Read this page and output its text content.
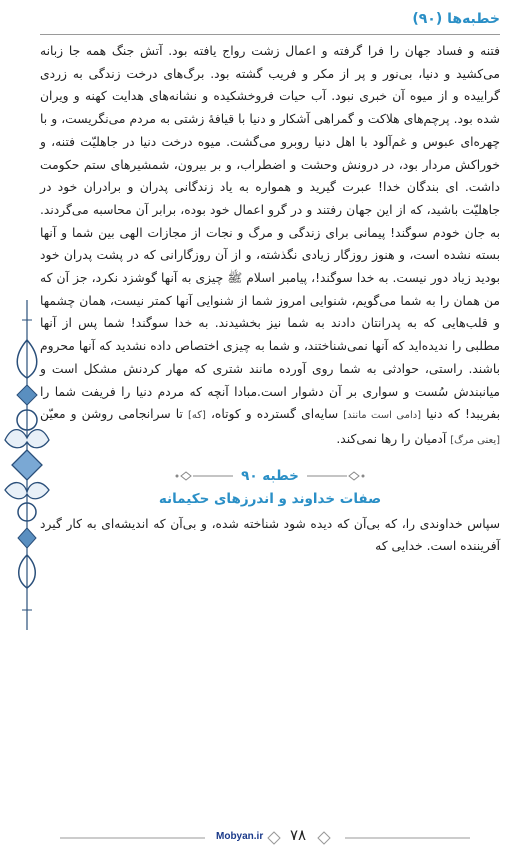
خطبه‌ها (۹۰)

فتنه و فساد جهان را فرا گرفته و اعمال زشت رواج یافته بود. آتش جنگ همه جا زبانه می‌کشید و دنیا، بی‌نور و پر از مکر و فریب گشته بود. برگ‌های درخت زندگی به زردی گراییده و از میوه آن خبری نبود. آب حیات فروخشکیده و نشانه‌های هدایت کهنه و ویران شده بود. پرچم‌های هلاکت و گمراهی آشکار و دنیا با قیافۀ زشتی به مردم می‌نگریست، و با چهره‌ای عبوس و غم‌آلود با اهل دنیا روبرو می‌گشت. میوه درخت دنیا در جاهلیّت فتنه، و خوراکش مردار بود، در درونش وحشت و اضطراب، و بر بیرون، شمشیرهای ستم حکومت داشت. ای بندگان خدا! عبرت گیرید و همواره به یاد زندگانی پدران و برادران خود در جاهلیّت باشید، که از این جهان رفتند و در گرو اعمال خود بوده، برابر آن محاسبه می‌گردند. به جان خودم سوگند! پیمانی برای زندگی و مرگ و نجات از مجازات الهی بین شما و آنها بسته نشده است، و هنوز روزگار زیادی نگذشته، و از آن روزگارانی که در پشت پدران خود بودید زیاد دور نیست. به خدا سوگند!، پیامبر اسلام ﷺ چیزی به آنها گوشزد نکرد، جز آن که من همان را به شما می‌گویم، شنوایی امروز شما از شنوایی آنها کمتر نیست، همان چشمها و قلب‌هایی که به پدرانتان دادند به شما نیز بخشیدند. به خدا سوگند! شما پس از آنها مطلبی را ندیده‌اید که آنها نمی‌شناختند، و شما به چیزی اختصاص داده نشدید که آنها محروم باشند. راستی، حوادثی به شما روی آورده مانند شتری که مهار کردنش مشکل است و میانبندش سُست و سواری بر آن دشوار است.مبادا آنچه که مردم دنیا را فریفت شما را بفریبد! که دنیا [دامی است مانند] سایه‌ای گسترده و کوتاه، [که] تا سرانجامی روشن و معیّن [یعنی مرگ] آدمیان را رها نمی‌کند.

خطبه ۹۰
صفات خداوند و اندرزهای حکیمانه

سپاس خداوندی را، که بی‌آن که دیده شود شناخته شده، و بی‌آن که اندیشه‌ای به کار گیرد آفریننده است. خدایی که

Mobyan.ir ۷۸
